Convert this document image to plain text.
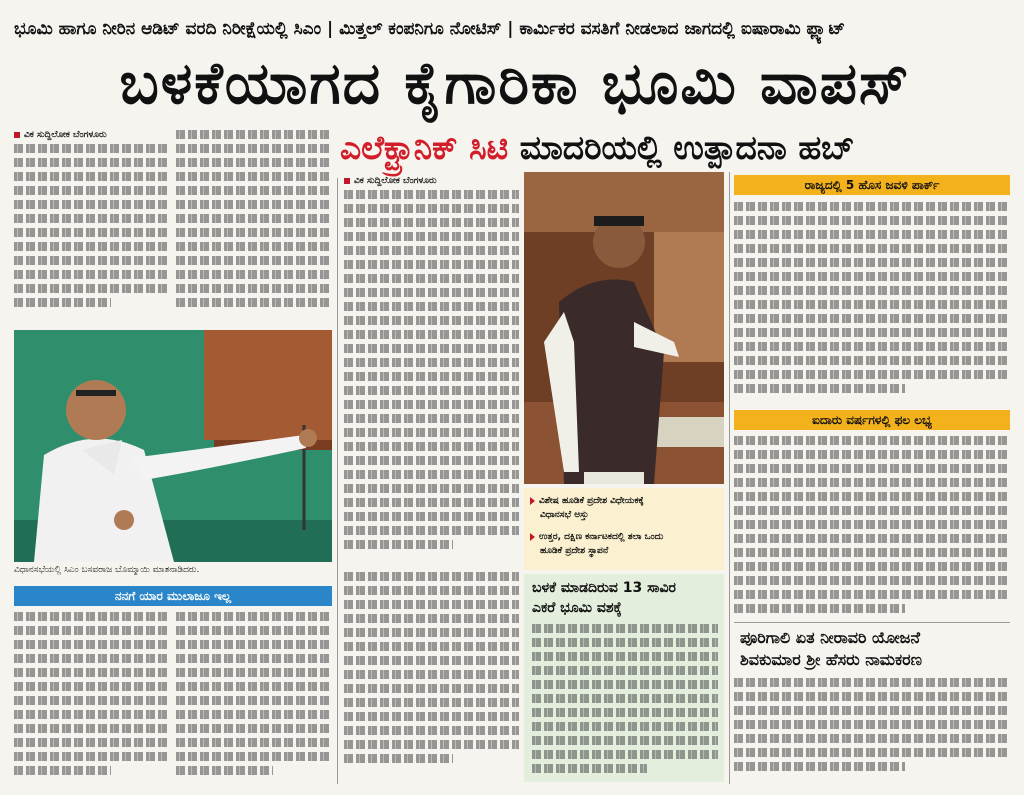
ಭೂಮಿ ಹಾಗೂ ನೀರಿನ ಆಡಿಟ್ ವರದಿ ನಿರೀಕ್ಷೆಯಲ್ಲಿ ಸಿಎಂ | ಮಿತ್ತಲ್ ಕಂಪನಿಗೂ ನೋಟಿಸ್ | ಕಾರ್ಮಿಕರ ವಸತಿಗೆ ನೀಡಲಾದ ಜಾಗದಲ್ಲಿ ಐಷಾರಾಮಿ ಫ್ಲ್ಯಾಟ್
ಬಳಕೆಯಾಗದ ಕೈಗಾರಿಕಾ ಭೂಮಿ ವಾಪಸ್
ಎಲೆಕ್ಟ್ರಾನಿಕ್ ಸಿಟಿ ಮಾದರಿಯಲ್ಲಿ ಉತ್ಪಾದನಾ ಹಬ್
ವಿಕ ಸುದ್ದಿಲೋಕ ಬೆಂಗಳೂರು
ವಿಧಾನಸಭೆಯಲ್ಲಿ ಸಿಎಂ ಬಸವರಾಜ ಬೊಮ್ಮಾಯಿ ಮಾತನಾಡಿದರು.
ನನಗೆ ಯಾರ ಮುಲಾಜೂ ಇಲ್ಲ
ವಿಕ ಸುದ್ದಿಲೋಕ ಬೆಂಗಳೂರು
ವಿಶೇಷ ಹೂಡಿಕೆ ಪ್ರದೇಶ ವಿಧೇಯಕಕ್ಕೆ
ವಿಧಾನಸಭೆ ಅಸ್ತು
ಉತ್ತರ, ದಕ್ಷಿಣ ಕರ್ನಾಟಕದಲ್ಲಿ ತಲಾ ಒಂದು
ಹೂಡಿಕೆ ಪ್ರದೇಶ ಸ್ಥಾಪನೆ
ಬಳಕೆ ಮಾಡದಿರುವ 13 ಸಾವಿರ
ಎಕರೆ ಭೂಮಿ ವಶಕ್ಕೆ
ರಾಜ್ಯದಲ್ಲಿ 5 ಹೊಸ ಜವಳಿ ಪಾರ್ಕ್
ಐದಾರು ವರ್ಷಗಳಲ್ಲಿ ಫಲ ಲಭ್ಯ
ಪೂರಿಗಾಲಿ ಏತ ನೀರಾವರಿ ಯೋಜನೆ
ಶಿವಕುಮಾರ ಶ್ರೀ ಹೆಸರು ನಾಮಕರಣ
